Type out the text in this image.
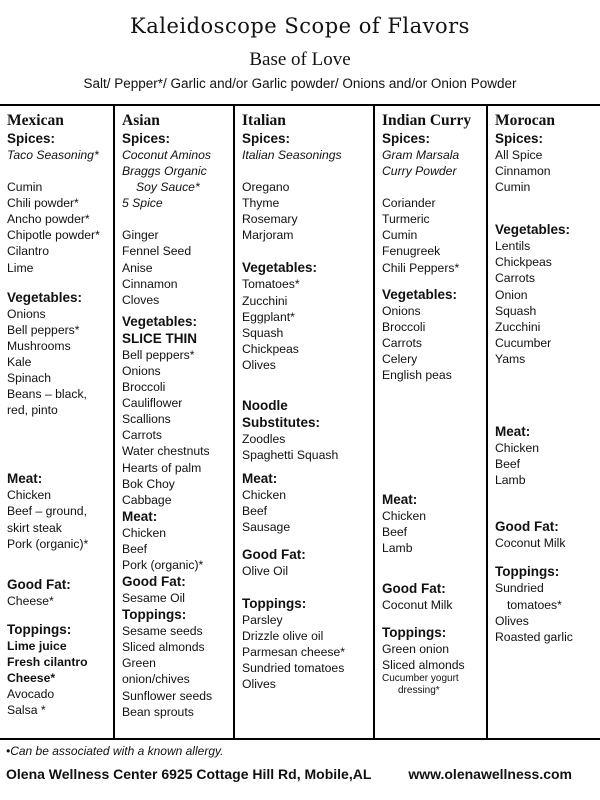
Kaleidoscope Scope of Flavors
Base of Love
Salt/ Pepper*/ Garlic and/or Garlic powder/ Onions and/or Onion Powder
Mexican
Spices:
Taco Seasoning*
Cumin
Chili powder*
Ancho powder*
Chipotle powder*
Cilantro
Lime
Vegetables:
Onions
Bell peppers*
Mushrooms
Kale
Spinach
Beans – black,
red, pinto
Meat:
Chicken
Beef – ground,
skirt steak
Pork (organic)*
Good Fat:
Cheese*
Toppings:
Lime juice
Fresh cilantro
Cheese*
Avocado
Salsa *
Asian
Spices:
Coconut Aminos
Braggs Organic
Soy Sauce*
5 Spice
Ginger
Fennel Seed
Anise
Cinnamon
Cloves
Vegetables:
SLICE THIN
Bell peppers*
Onions
Broccoli
Cauliflower
Scallions
Carrots
Water chestnuts
Hearts of palm
Bok Choy
Cabbage
Meat:
Chicken
Beef
Pork (organic)*
Good Fat:
Sesame Oil
Toppings:
Sesame seeds
Sliced almonds
Green
onion/chives
Sunflower seeds
Bean sprouts
Italian
Spices:
Italian Seasonings
Oregano
Thyme
Rosemary
Marjoram
Vegetables:
Tomatoes*
Zucchini
Eggplant*
Squash
Chickpeas
Olives
Noodle
Substitutes:
Zoodles
Spaghetti Squash
Meat:
Chicken
Beef
Sausage
Good Fat:
Olive Oil
Toppings:
Parsley
Drizzle olive oil
Parmesan cheese*
Sundried tomatoes
Olives
Indian Curry
Spices:
Gram Marsala
Curry Powder
Coriander
Turmeric
Cumin
Fenugreek
Chili Peppers*
Vegetables:
Onions
Broccoli
Carrots
Celery
English peas
Meat:
Chicken
Beef
Lamb
Good Fat:
Coconut Milk
Toppings:
Green onion
Sliced almonds
Cucumber yogurt
dressing*
Morocan
Spices:
All Spice
Cinnamon
Cumin
Vegetables:
Lentils
Chickpeas
Carrots
Onion
Squash
Zucchini
Cucumber
Yams
Meat:
Chicken
Beef
Lamb
Good Fat:
Coconut Milk
Toppings:
Sundried
tomatoes*
Olives
Roasted garlic
•Can be associated with a known allergy.
Olena Wellness Center 6925 Cottage Hill Rd, Mobile,AL	www.olenawellness.com
